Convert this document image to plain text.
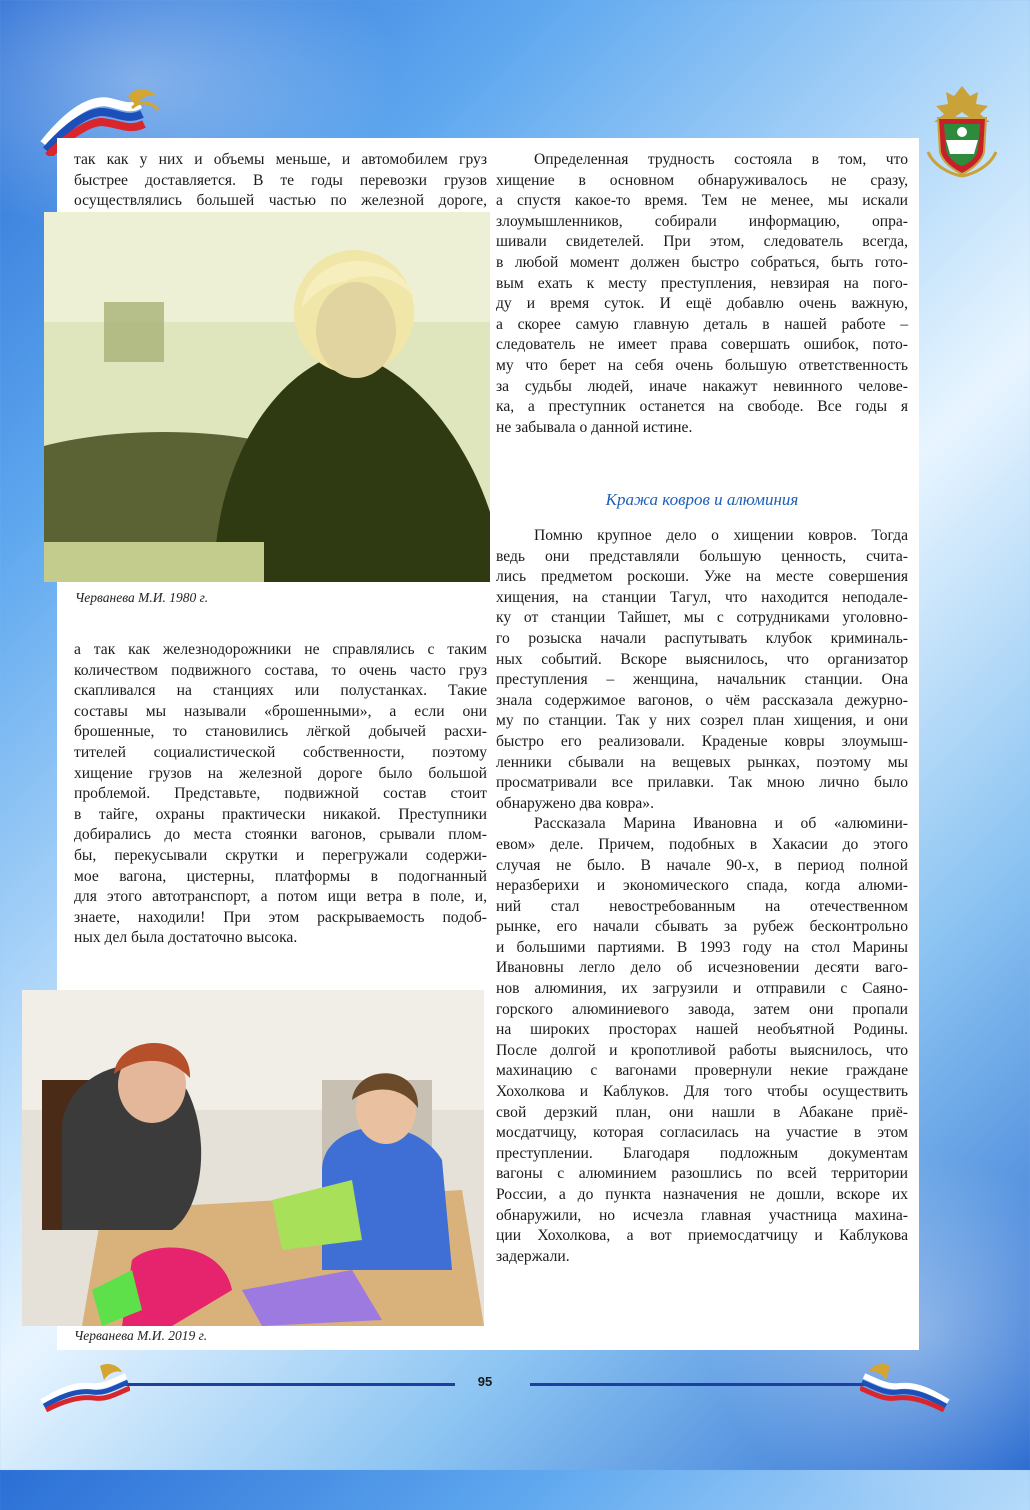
так как у них и объемы меньше, и автомобилем груз

быстрее доставляется. В те годы перевозки грузов

осуществлялись большей частью по железной дороге,

Черванева М.И. 1980 г.

а так как железнодорожники не справлялись с таким

количеством подвижного состава, то очень часто груз

скапливался на станциях или полустанках. Такие

составы мы называли «брошенными», а если они

брошенные, то становились лёгкой добычей расхи-

тителей социалистической собственности, поэтому

хищение грузов на железной дороге было большой

проблемой. Представьте, подвижной состав стоит

в тайге, охраны практически никакой. Преступники

добирались до места стоянки вагонов, срывали плом-

бы, перекусывали скрутки и перегружали содержи-

мое вагона, цистерны, платформы в подогнанный

для этого автотранспорт, а потом ищи ветра в поле, и,

знаете, находили! При этом раскрываемость подоб-

ных дел была достаточно высока.

Черванева М.И. 2019 г.

Определенная трудность состояла в том, что

хищение в основном обнаруживалось не сразу,

а спустя какое-то время. Тем не менее, мы искали

злоумышленников, собирали информацию, опра-

шивали свидетелей. При этом, следователь всегда,

в любой момент должен быстро собраться, быть гото-

вым ехать к месту преступления, невзирая на пого-

ду и время суток. И ещё добавлю очень важную,

а скорее самую главную деталь в нашей работе –

следователь не имеет права совершать ошибок, пото-

му что берет на себя очень большую ответственность

за судьбы людей, иначе накажут невинного челове-

ка, а преступник останется на свободе. Все годы я

не забывала о данной истине.

Кража ковров и алюминия

Помню крупное дело о хищении ковров. Тогда

ведь они представляли большую ценность, счита-

лись предметом роскоши. Уже на месте совершения

хищения, на станции Тагул, что находится неподале-

ку от станции Тайшет, мы с сотрудниками уголовно-

го розыска начали распутывать клубок криминаль-

ных событий. Вскоре выяснилось, что организатор

преступления – женщина, начальник станции. Она

знала содержимое вагонов, о чём рассказала дежурно-

му по станции. Так у них созрел план хищения, и они

быстро его реализовали. Краденые ковры злоумыш-

ленники сбывали на вещевых рынках, поэтому мы

просматривали все прилавки. Так мною лично было

обнаружено два ковра».

Рассказала Марина Ивановна и об «алюмини-

евом» деле. Причем, подобных в Хакасии до этого

случая не было. В начале 90-х, в период полной

неразберихи и экономического спада, когда алюми-

ний стал невостребованным на отечественном

рынке, его начали сбывать за рубеж бесконтрольно

и большими партиями. В 1993 году на стол Марины

Ивановны легло дело об исчезновении десяти ваго-

нов алюминия, их загрузили и отправили с Саяно-

горского алюминиевого завода, затем они пропали

на широких просторах нашей необъятной Родины.

После долгой и кропотливой работы выяснилось, что

махинацию с вагонами провернули некие граждане

Хохолкова и Каблуков. Для того чтобы осуществить

свой дерзкий план, они нашли в Абакане приё-

мосдатчицу, которая согласилась на участие в этом

преступлении. Благодаря подложным документам

вагоны с алюминием разошлись по всей территории

России, а до пункта назначения не дошли, вскоре их

обнаружили, но исчезла главная участница махина-

ции Хохолкова, а вот приемосдатчицу и Каблукова

задержали.

95
